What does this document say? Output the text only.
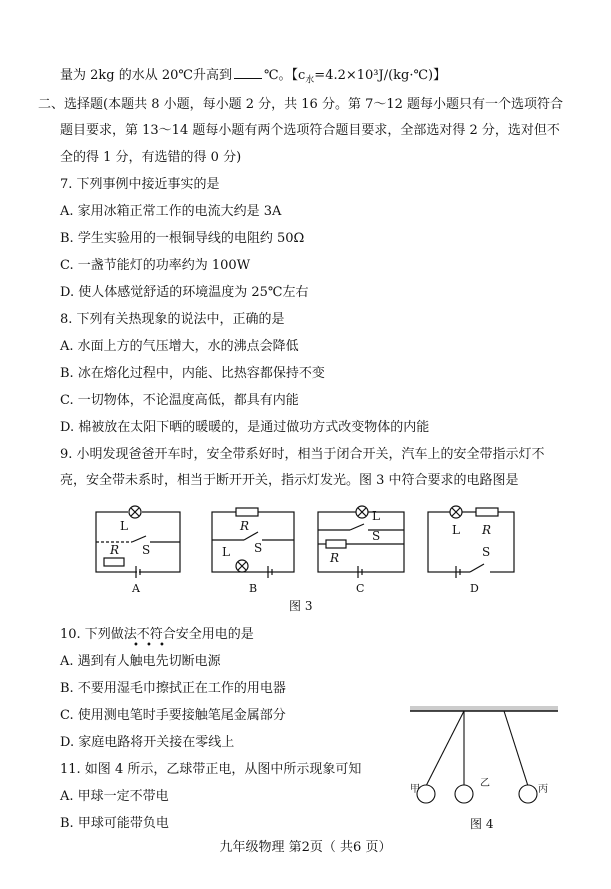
量为 2kg 的水从 20℃升高到 ℃。【$c_水=4.2\times 10^3J/(kg\cdot℃)$】
二、选择题(本题共 8 小题，每小题 2 分，共 16 分。第 7～12 题每小题只有一个选项符合
题目要求，第 13～14 题每小题有两个选项符合题目要求，全部选对得 2 分，选对但不
全的得 1 分，有选错的得 0 分)
7. 下列事例中接近事实的是
A. 家用冰箱正常工作的电流大约是 3A
B. 学生实验用的一根铜导线的电阻约 50Ω
C. 一盏节能灯的功率约为 100W
D. 使人体感觉舒适的环境温度为 25℃左右
8. 下列有关热现象的说法中，正确的是
A. 水面上方的气压增大，水的沸点会降低
B. 冰在熔化过程中，内能、比热容都保持不变
C. 一切物体，不论温度高低，都具有内能
D. 棉被放在太阳下晒的暖暖的，是通过做功方式改变物体的内能
9. 小明发现爸爸开车时，安全带系好时，相当于闭合开关，汽车上的安全带指示灯不
亮，安全带未系时，相当于断开开关，指示灯发光。图 3 中符合要求的电路图是
L
S
R
R
S
L
L
S
R
L R
S
A	B	C	D
图 3
10. 下列做法不符合安全用电的是
• • •
A. 遇到有人触电先切断电源
B. 不要用湿毛巾擦拭正在工作的用电器
C. 使用测电笔时手要接触笔尾金属部分
D. 家庭电路将开关接在零线上
11. 如图 4 所示，乙球带正电，从图中所示现象可知
A. 甲球一定不带电
B. 甲球可能带负电
甲
乙
丙
图 4
九年级物理 第2页（ 共6 页）
